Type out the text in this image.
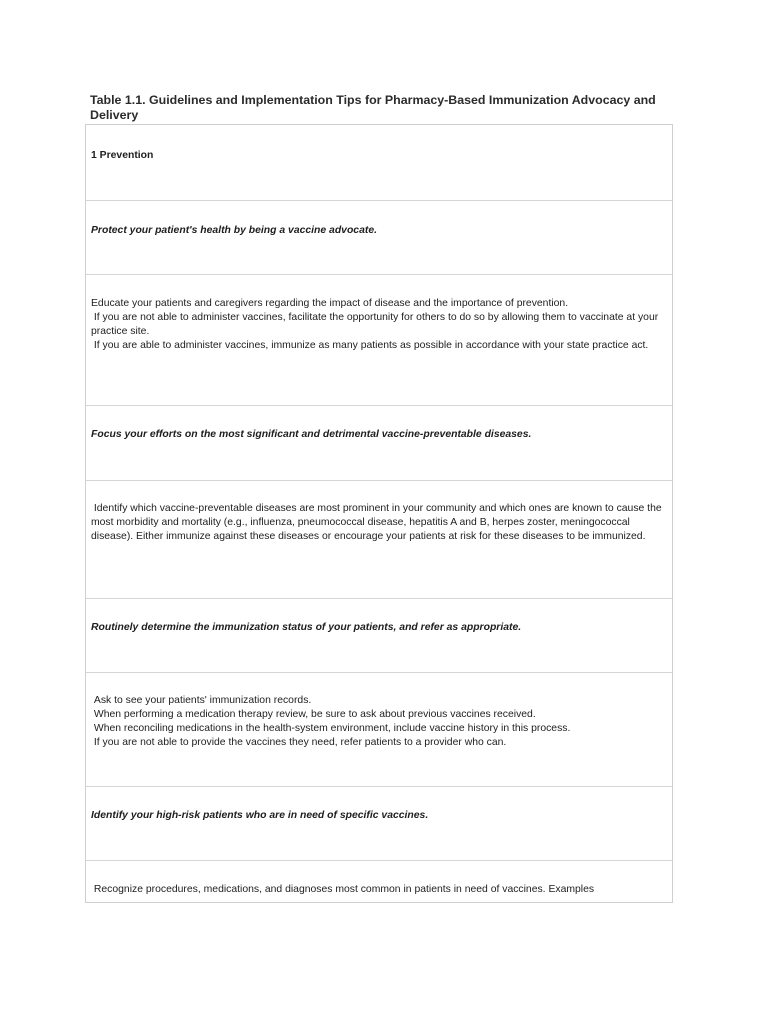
Table 1.1. Guidelines and Implementation Tips for Pharmacy-Based Immunization Advocacy and Delivery
1 Prevention
Protect your patient's health by being a vaccine advocate.
Educate your patients and caregivers regarding the impact of disease and the importance of prevention.
If you are not able to administer vaccines, facilitate the opportunity for others to do so by allowing them to vaccinate at your practice site.
If you are able to administer vaccines, immunize as many patients as possible in accordance with your state practice act.
Focus your efforts on the most significant and detrimental vaccine-preventable diseases.
Identify which vaccine-preventable diseases are most prominent in your community and which ones are known to cause the most morbidity and mortality (e.g., influenza, pneumococcal disease, hepatitis A and B, herpes zoster, meningococcal disease). Either immunize against these diseases or encourage your patients at risk for these diseases to be immunized.
Routinely determine the immunization status of your patients, and refer as appropriate.
Ask to see your patients' immunization records.
When performing a medication therapy review, be sure to ask about previous vaccines received.
When reconciling medications in the health-system environment, include vaccine history in this process.
If you are not able to provide the vaccines they need, refer patients to a provider who can.
Identify your high-risk patients who are in need of specific vaccines.
Recognize procedures, medications, and diagnoses most common in patients in need of vaccines. Examples
